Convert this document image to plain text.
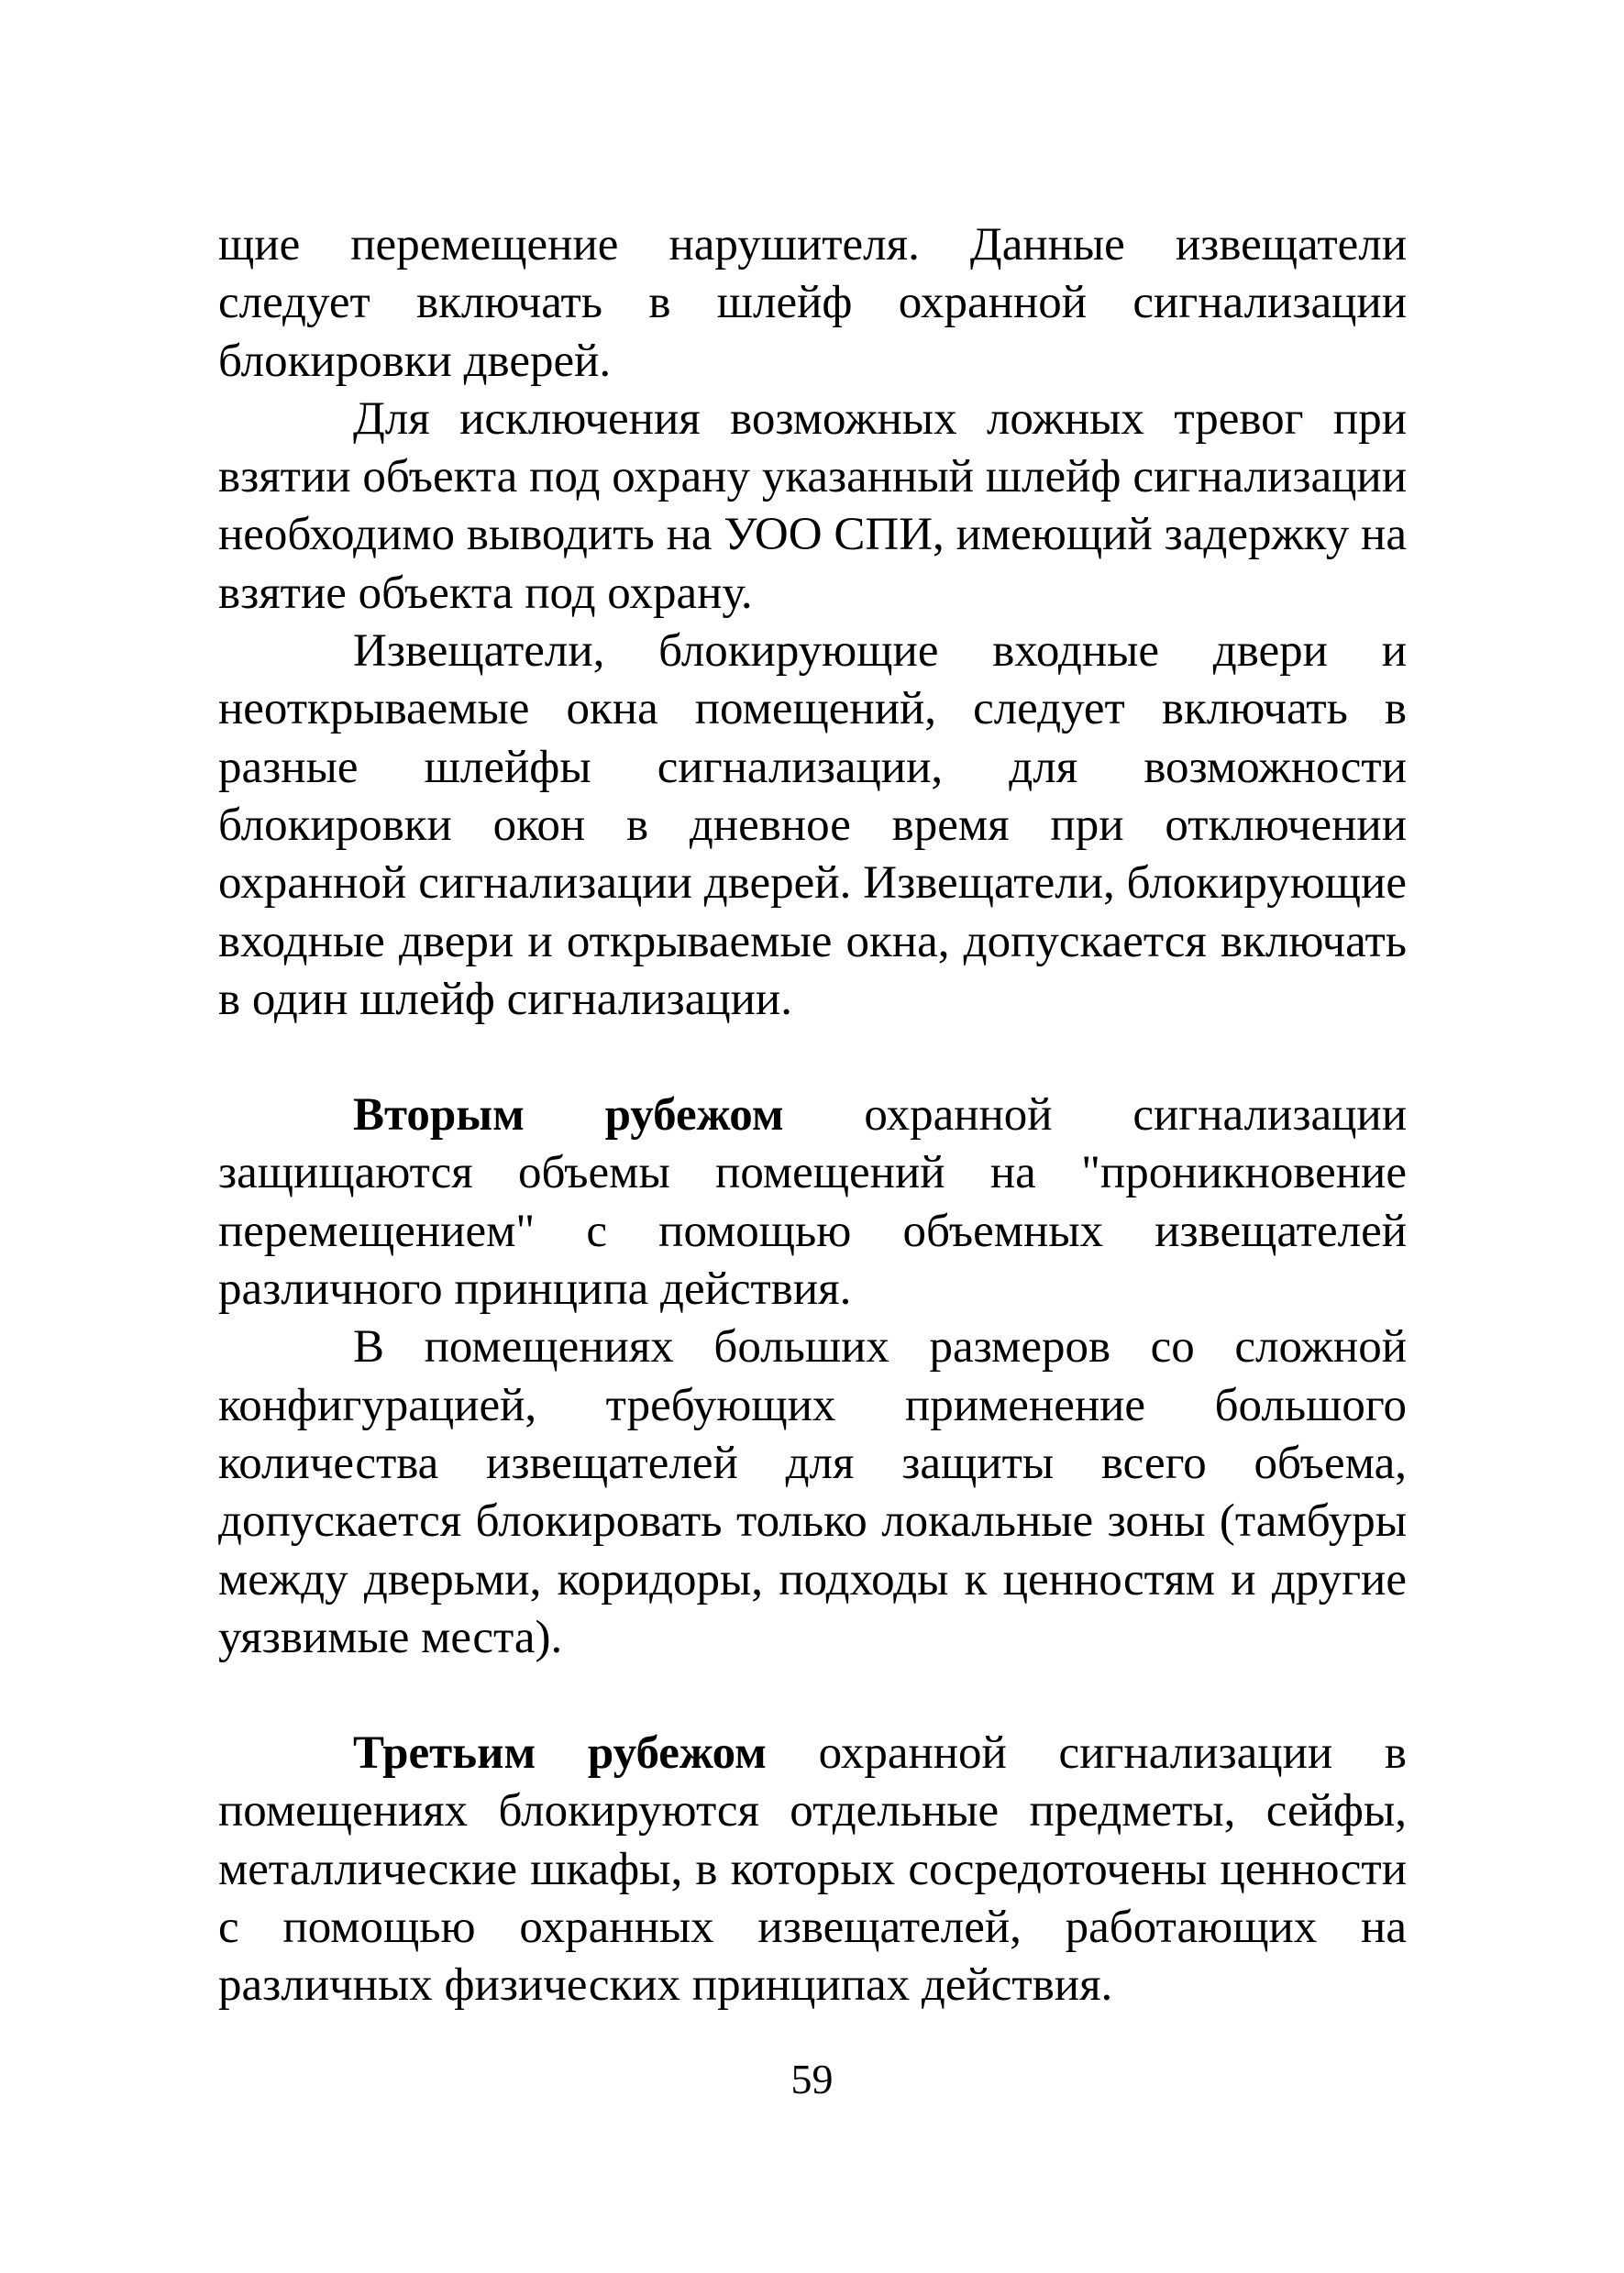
щие перемещение нарушителя. Данные извещатели следует включать в шлейф охранной сигнализации блокировки дверей.

Для исключения возможных ложных тревог при взятии объекта под охрану указанный шлейф сигнализации необходимо выводить на УОО СПИ, имеющий задержку на взятие объекта под охрану.

Извещатели, блокирующие входные двери и неоткрываемые окна помещений, следует включать в разные шлейфы сигнализации, для возможности блокировки окон в дневное время при отключении охранной сигнализации дверей. Извещатели, блокирующие входные двери и открываемые окна, допускается включать в один шлейф сигнализации.

Вторым рубежом охранной сигнализации защищаются объемы помещений на "проникновение перемещением" с помощью объемных извещателей различного принципа действия.

В помещениях больших размеров со сложной конфигурацией, требующих применение большого количества извещателей для защиты всего объема, допускается блокировать только локальные зоны (тамбуры между дверьми, коридоры, подходы к ценностям и другие уязвимые места).

Третьим рубежом охранной сигнализации в помещениях блокируются отдельные предметы, сейфы, металлические шкафы, в которых сосредоточены ценности с помощью охранных извещателей, работающих на различных физических принципах действия.

59
